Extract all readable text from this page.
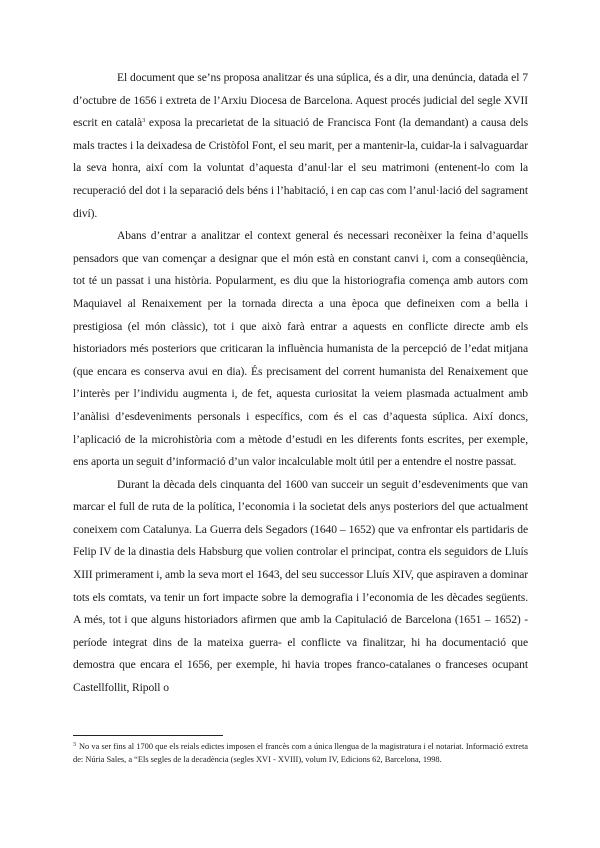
El document que se’ns proposa analitzar és una súplica, és a dir, una denúncia, datada el 7 d’octubre de 1656 i extreta de l’Arxiu Diocesa de Barcelona. Aquest procés judicial del segle XVII escrit en català$^3$ exposa la precarietat de la situació de Francisca Font (la demandant) a causa dels mals tractes i la deixadesa de Cristòfol Font, el seu marit, per a mantenir-la, cuidar-la i salvaguardar la seva honra, així com la voluntat d’aquesta d’anul·lar el seu matrimoni (entenent-lo com la recuperació del dot i la separació dels béns i l’habitació, i en cap cas com l’anul·lació del sagrament diví).

Abans d’entrar a analitzar el context general és necessari reconèixer la feina d’aquells pensadors que van començar a designar que el món està en constant canvi i, com a conseqüència, tot té un passat i una història. Popularment, es diu que la historiografia comença amb autors com Maquiavel al Renaixement per la tornada directa a una època que defineixen com a bella i prestigiosa (el món clàssic), tot i que això farà entrar a aquests en conflicte directe amb els historiadors més posteriors que criticaran la influència humanista de la percepció de l’edat mitjana (que encara es conserva avui en dia). És precisament del corrent humanista del Renaixement que l’interès per l’individu augmenta i, de fet, aquesta curiositat la veiem plasmada actualment amb l’anàlisi d’esdeveniments personals i específics, com és el cas d’aquesta súplica. Així doncs, l’aplicació de la microhistòria com a mètode d’estudi en les diferents fonts escrites, per exemple, ens aporta un seguit d’informació d’un valor incalculable molt útil per a entendre el nostre passat.

Durant la dècada dels cinquanta del 1600 van succeir un seguit d’esdeveniments que van marcar el full de ruta de la política, l’economia i la societat dels anys posteriors del que actualment coneixem com Catalunya. La Guerra dels Segadors (1640 – 1652) que va enfrontar els partidaris de Felip IV de la dinastia dels Habsburg que volien controlar el principat, contra els seguidors de Lluís XIII primerament i, amb la seva mort el 1643, del seu successor Lluís XIV, que aspiraven a dominar tots els comtats, va tenir un fort impacte sobre la demografia i l’economia de les dècades següents. A més, tot i que alguns historiadors afirmen que amb la Capitulació de Barcelona (1651 – 1652) -període integrat dins de la mateixa guerra- el conflicte va finalitzar, hi ha documentació que demostra que encara el 1656, per exemple, hi havia tropes franco-catalanes o franceses ocupant Castellfollit, Ripoll o

$^3$ No va ser fins al 1700 que els reials edictes imposen el francès com a única llengua de la magistratura i el notariat. Informació extreta de: Núria Sales, a “Els segles de la decadència (segles XVI - XVIII), volum IV, Edicions 62, Barcelona, 1998.
